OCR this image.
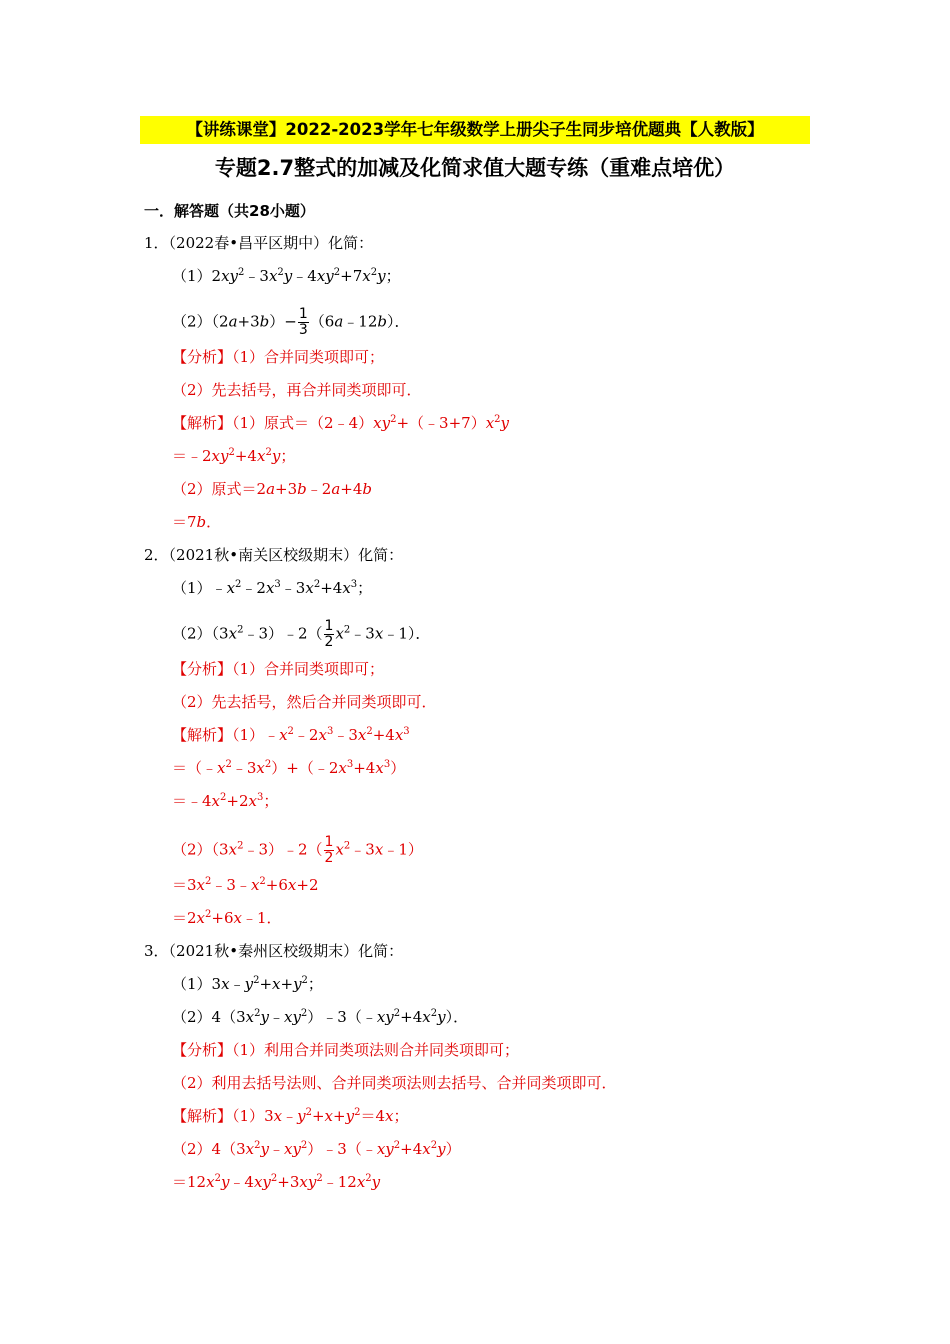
【讲练课堂】2022-2023学年七年级数学上册尖子生同步培优题典【人教版】
专题2.7整式的加减及化简求值大题专练（重难点培优）
一．解答题（共28小题）
1．（2022春•昌平区期中）化简：
$(1)2xy^2﹣3x^2y﹣4xy^2+7x^2y$；
$(2)(2a+3b)- \frac{1}{3}$ （6a﹣12b）．
【分析】（1）合并同类项即可；
（2）先去括号，再合并同类项即可．
【解析】（1）原式$=(2﹣4)xy^2+(﹣3+7)x^2y$
$=﹣2xy^2+4x^2y$；
（2）原式＝2a+3b﹣2a+4b
＝7b．
2．（2021秋•南关区校级期末）化简：
$(1)﹣x^2﹣2x^3﹣3x^2+4x^3$；
$(2)(3x^2﹣3)﹣2( \frac{1}{2}$ $x^2﹣3x﹣1$）．
【分析】（1）合并同类项即可；
（2）先去括号，然后合并同类项即可．
【解析】$(1)﹣x^2﹣2x^3﹣3x^2+4x^3$
$=(﹣x^2﹣3x^2)+(﹣2x^3+4x^3)$
$=﹣4x^2+2x^3$；
$(2)(3x^2﹣3)﹣2( \frac{1}{2}$ $x^2﹣3x﹣1$）
$=3x^2﹣3﹣x^2+6x+2$
$=2x^2+6x﹣1$．
3．（2021秋•秦州区校级期末）化简：
$(1)3x﹣y^2+x+y^2$；
$(2)4(3x^2y﹣xy^2)﹣3(﹣xy^2+4x^2y)$．
【分析】（1）利用合并同类项法则合并同类项即可；
（2）利用去括号法则、合并同类项法则去括号、合并同类项即可．
【解析】$(1)3x﹣y^2+x+y^2=4x$；
$(2)4(3x^2y﹣xy^2)﹣3(﹣xy^2+4x^2y)$
$=12x^2y﹣4xy^2+3xy^2﹣12x^2y$
